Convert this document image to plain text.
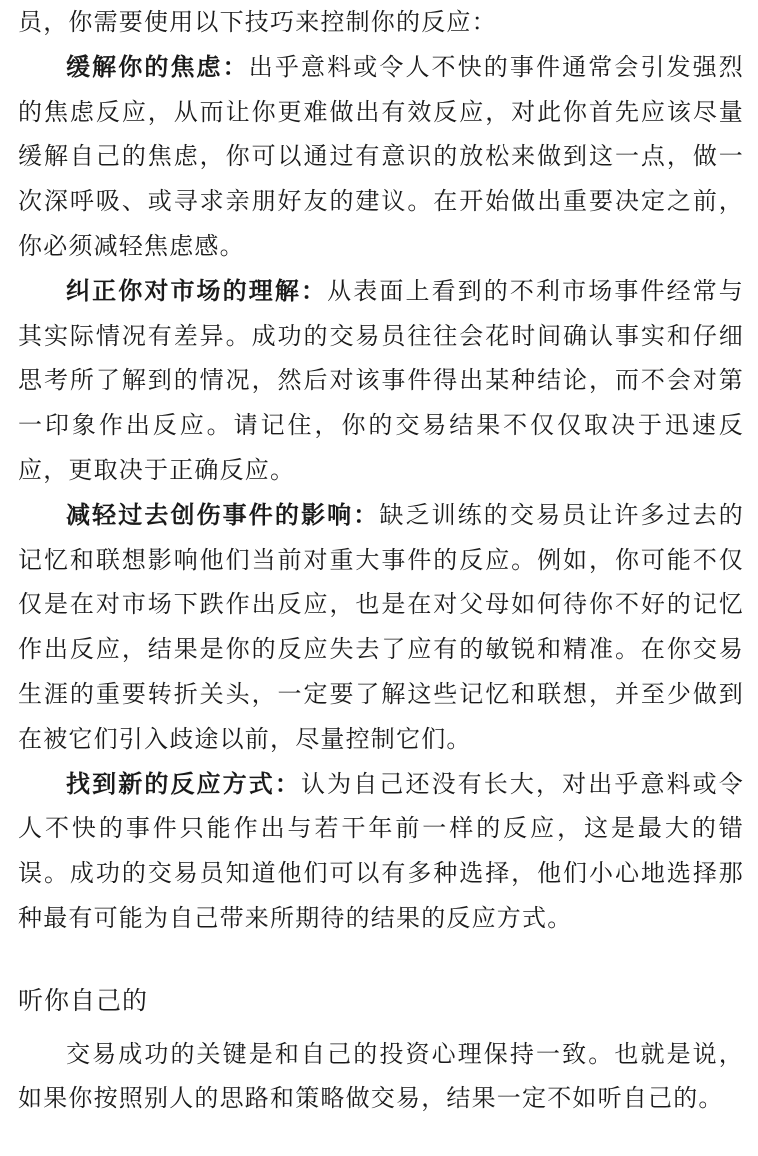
员，你需要使用以下技巧来控制你的反应：

缓解你的焦虑：出乎意料或令人不快的事件通常会引发强烈的焦虑反应，从而让你更难做出有效反应，对此你首先应该尽量缓解自己的焦虑，你可以通过有意识的放松来做到这一点，做一次深呼吸、或寻求亲朋好友的建议。在开始做出重要决定之前，你必须减轻焦虑感。

纠正你对市场的理解：从表面上看到的不利市场事件经常与其实际情况有差异。成功的交易员往往会花时间确认事实和仔细思考所了解到的情况，然后对该事件得出某种结论，而不会对第一印象作出反应。请记住，你的交易结果不仅仅取决于迅速反应，更取决于正确反应。

减轻过去创伤事件的影响：缺乏训练的交易员让许多过去的记忆和联想影响他们当前对重大事件的反应。例如，你可能不仅仅是在对市场下跌作出反应，也是在对父母如何待你不好的记忆作出反应，结果是你的反应失去了应有的敏锐和精准。在你交易生涯的重要转折关头，一定要了解这些记忆和联想，并至少做到在被它们引入歧途以前，尽量控制它们。

找到新的反应方式：认为自己还没有长大，对出乎意料或令人不快的事件只能作出与若干年前一样的反应，这是最大的错误。成功的交易员知道他们可以有多种选择，他们小心地选择那种最有可能为自己带来所期待的结果的反应方式。

听你自己的

交易成功的关键是和自己的投资心理保持一致。也就是说，如果你按照别人的思路和策略做交易，结果一定不如听自己的。
